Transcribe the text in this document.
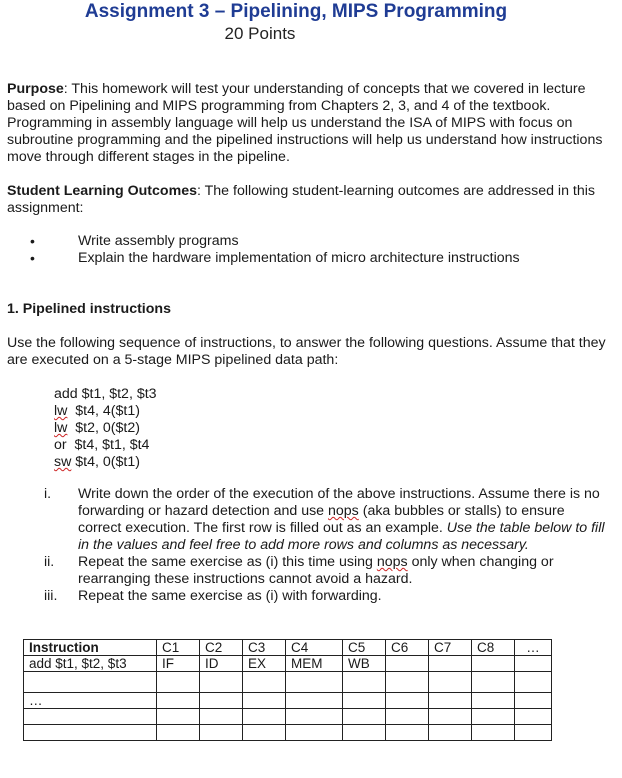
Assignment 3 – Pipelining, MIPS Programming
20 Points
Purpose: This homework will test your understanding of concepts that we covered in lecture based on Pipelining and MIPS programming from Chapters 2, 3, and 4 of the textbook. Programming in assembly language will help us understand the ISA of MIPS with focus on subroutine programming and the pipelined instructions will help us understand how instructions move through different stages in the pipeline.
Student Learning Outcomes: The following student-learning outcomes are addressed in this assignment:
•	Write assembly programs
•	Explain the hardware implementation of micro architecture instructions
1. Pipelined instructions
Use the following sequence of instructions, to answer the following questions. Assume that they are executed on a 5-stage MIPS pipelined data path:
add $t1, $t2, $t3
lw  $t4, 4($t1)
lw  $t2, 0($t2)
or  $t4, $t1, $t4
sw $t4, 0($t1)
i.	Write down the order of the execution of the above instructions. Assume there is no forwarding or hazard detection and use nops (aka bubbles or stalls) to ensure correct execution. The first row is filled out as an example. Use the table below to fill in the values and feel free to add more rows and columns as necessary.
ii.	Repeat the same exercise as (i) this time using nops only when changing or rearranging these instructions cannot avoid a hazard.
iii.	Repeat the same exercise as (i) with forwarding.
Instruction	C1	C2	C3	C4	C5	C6	C7	C8	…
add $t1, $t2, $t3	IF	ID	EX	MEM	WB				

…									
